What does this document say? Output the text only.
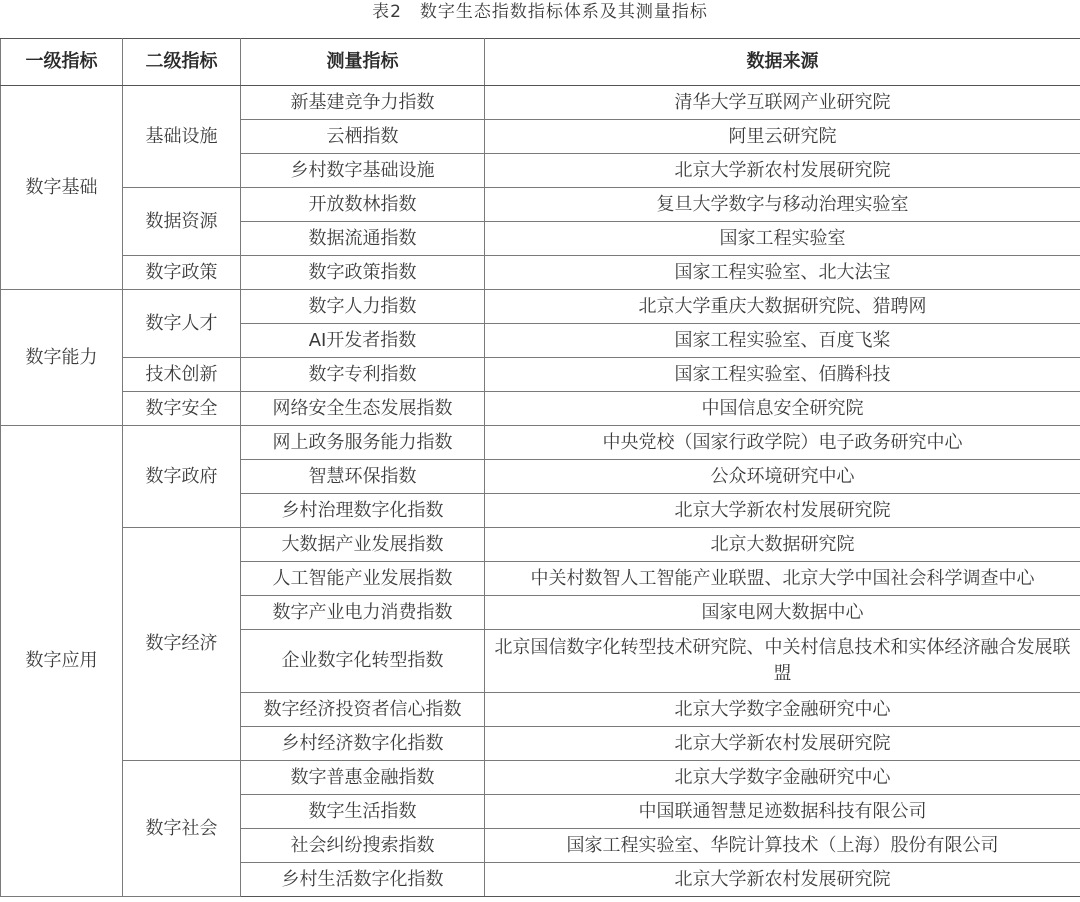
表2　数字生态指数指标体系及其测量指标
一级指标	二级指标	测量指标	数据来源
数字基础	基础设施	新基建竞争力指数	清华大学互联网产业研究院
		云栖指数	阿里云研究院
		乡村数字基础设施	北京大学新农村发展研究院
	数据资源	开放数林指数	复旦大学数字与移动治理实验室
		数据流通指数	国家工程实验室
	数字政策	数字政策指数	国家工程实验室、北大法宝
数字能力	数字人才	数字人力指数	北京大学重庆大数据研究院、猎聘网
		AI开发者指数	国家工程实验室、百度飞桨
	技术创新	数字专利指数	国家工程实验室、佰腾科技
	数字安全	网络安全生态发展指数	中国信息安全研究院
数字应用	数字政府	网上政务服务能力指数	中央党校（国家行政学院）电子政务研究中心
		智慧环保指数	公众环境研究中心
		乡村治理数字化指数	北京大学新农村发展研究院
	数字经济	大数据产业发展指数	北京大数据研究院
		人工智能产业发展指数	中关村数智人工智能产业联盟、北京大学中国社会科学调查中心
		数字产业电力消费指数	国家电网大数据中心
		企业数字化转型指数	北京国信数字化转型技术研究院、中关村信息技术和实体经济融合发展联盟
		数字经济投资者信心指数	北京大学数字金融研究中心
		乡村经济数字化指数	北京大学新农村发展研究院
	数字社会	数字普惠金融指数	北京大学数字金融研究中心
		数字生活指数	中国联通智慧足迹数据科技有限公司
		社会纠纷搜索指数	国家工程实验室、华院计算技术（上海）股份有限公司
		乡村生活数字化指数	北京大学新农村发展研究院
